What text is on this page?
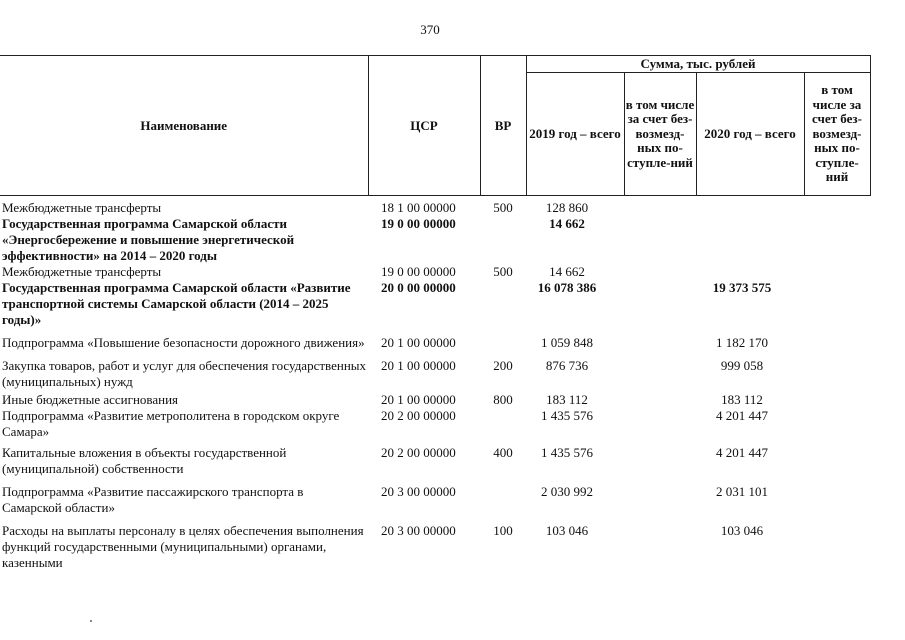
370
Наименование	ЦСР	ВР	Сумма, тыс. рублей			
			2019 год – всего	в том числе за счет без-возмезд-ных по-ступле-ний	2020 год – всего	в том числе за счет без-возмезд-ных по-ступле-ний
Межбюджетные трансферты	18 1 00 00000	500	128 860			
Государственная программа Самарской области «Энергосбережение и повышение энергетической эффективности» на 2014 – 2020 годы	19 0 00 00000		14 662			
Межбюджетные трансферты	19 0 00 00000	500	14 662			
Государственная программа Самарской области «Развитие транспортной системы Самарской области (2014 – 2025 годы)»	20 0 00 00000		16 078 386		19 373 575	
Подпрограмма «Повышение безопасности дорожного движения»	20 1 00 00000		1 059 848		1 182 170	
Закупка товаров, работ и услуг для обеспечения государственных (муниципальных) нужд	20 1 00 00000	200	876 736		999 058	
Иные бюджетные ассигнования	20 1 00 00000	800	183 112		183 112	
Подпрограмма «Развитие метрополитена в городском округе Самара»	20 2 00 00000		1 435 576		4 201 447	
Капитальные вложения в объекты государственной (муниципальной) собственности	20 2 00 00000	400	1 435 576		4 201 447	
Подпрограмма «Развитие пассажирского транспорта в Самарской области»	20 3 00 00000		2 030 992		2 031 101	
Расходы на выплаты персоналу в целях обеспечения выполнения функций государственными (муниципальными) органами, казенными	20 3 00 00000	100	103 046		103 046	
